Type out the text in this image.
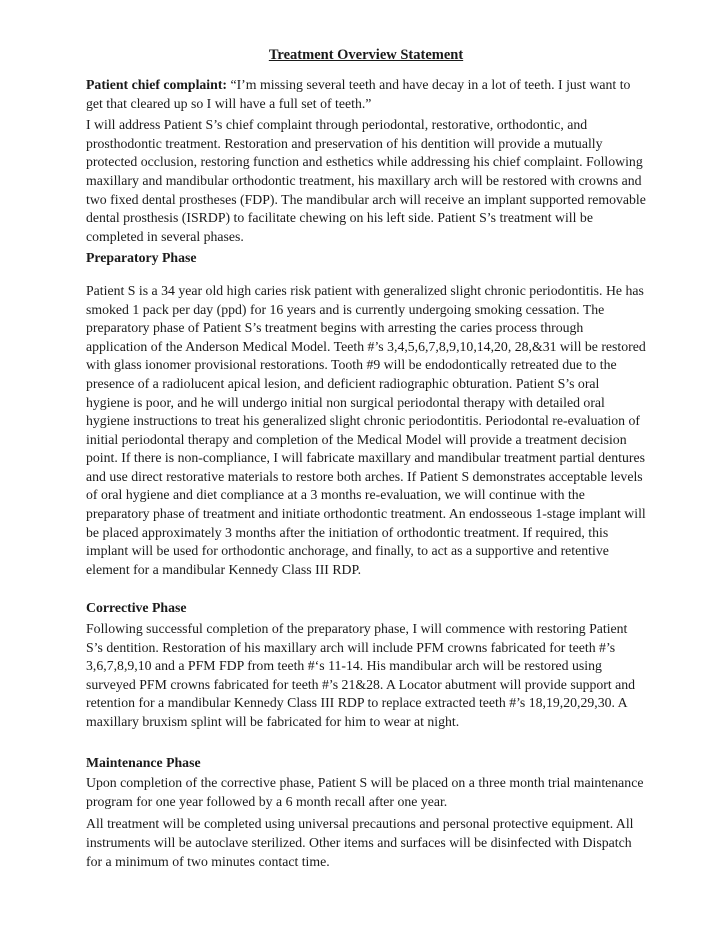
Treatment Overview Statement

Patient chief complaint: “I’m missing several teeth and have decay in a lot of teeth. I just want to get that cleared up so I will have a full set of teeth.”

I will address Patient S’s chief complaint through periodontal, restorative, orthodontic, and prosthodontic treatment. Restoration and preservation of his dentition will provide a mutually protected occlusion, restoring function and esthetics while addressing his chief complaint. Following maxillary and mandibular orthodontic treatment, his maxillary arch will be restored with crowns and two fixed dental prostheses (FDP). The mandibular arch will receive an implant supported removable dental prosthesis (ISRDP) to facilitate chewing on his left side. Patient S’s treatment will be completed in several phases.

Preparatory Phase

Patient S is a 34 year old high caries risk patient with generalized slight chronic periodontitis. He has smoked 1 pack per day (ppd) for 16 years and is currently undergoing smoking cessation. The preparatory phase of Patient S’s treatment begins with arresting the caries process through application of the Anderson Medical Model. Teeth #’s 3,4,5,6,7,8,9,10,14,20, 28,&31 will be restored with glass ionomer provisional restorations. Tooth #9 will be endodontically retreated due to the presence of a radiolucent apical lesion, and deficient radiographic obturation. Patient S’s oral hygiene is poor, and he will undergo initial non surgical periodontal therapy with detailed oral hygiene instructions to treat his generalized slight chronic periodontitis. Periodontal re-evaluation of initial periodontal therapy and completion of the Medical Model will provide a treatment decision point. If there is non-compliance, I will fabricate maxillary and mandibular treatment partial dentures and use direct restorative materials to restore both arches. If Patient S demonstrates acceptable levels of oral hygiene and diet compliance at a 3 months re-evaluation, we will continue with the preparatory phase of treatment and initiate orthodontic treatment. An endosseous 1-stage implant will be placed approximately 3 months after the initiation of orthodontic treatment. If required, this implant will be used for orthodontic anchorage, and finally, to act as a supportive and retentive element for a mandibular Kennedy Class III RDP.

Corrective Phase

Following successful completion of the preparatory phase, I will commence with restoring Patient S’s dentition. Restoration of his maxillary arch will include PFM crowns fabricated for teeth #’s 3,6,7,8,9,10 and a PFM FDP from teeth #‘s 11-14. His mandibular arch will be restored using surveyed PFM crowns fabricated for teeth #’s 21&28. A Locator abutment will provide support and retention for a mandibular Kennedy Class III RDP to replace extracted teeth #’s 18,19,20,29,30. A maxillary bruxism splint will be fabricated for him to wear at night.

Maintenance Phase

Upon completion of the corrective phase, Patient S will be placed on a three month trial maintenance program for one year followed by a 6 month recall after one year.

All treatment will be completed using universal precautions and personal protective equipment. All instruments will be autoclave sterilized. Other items and surfaces will be disinfected with Dispatch for a minimum of two minutes contact time.
